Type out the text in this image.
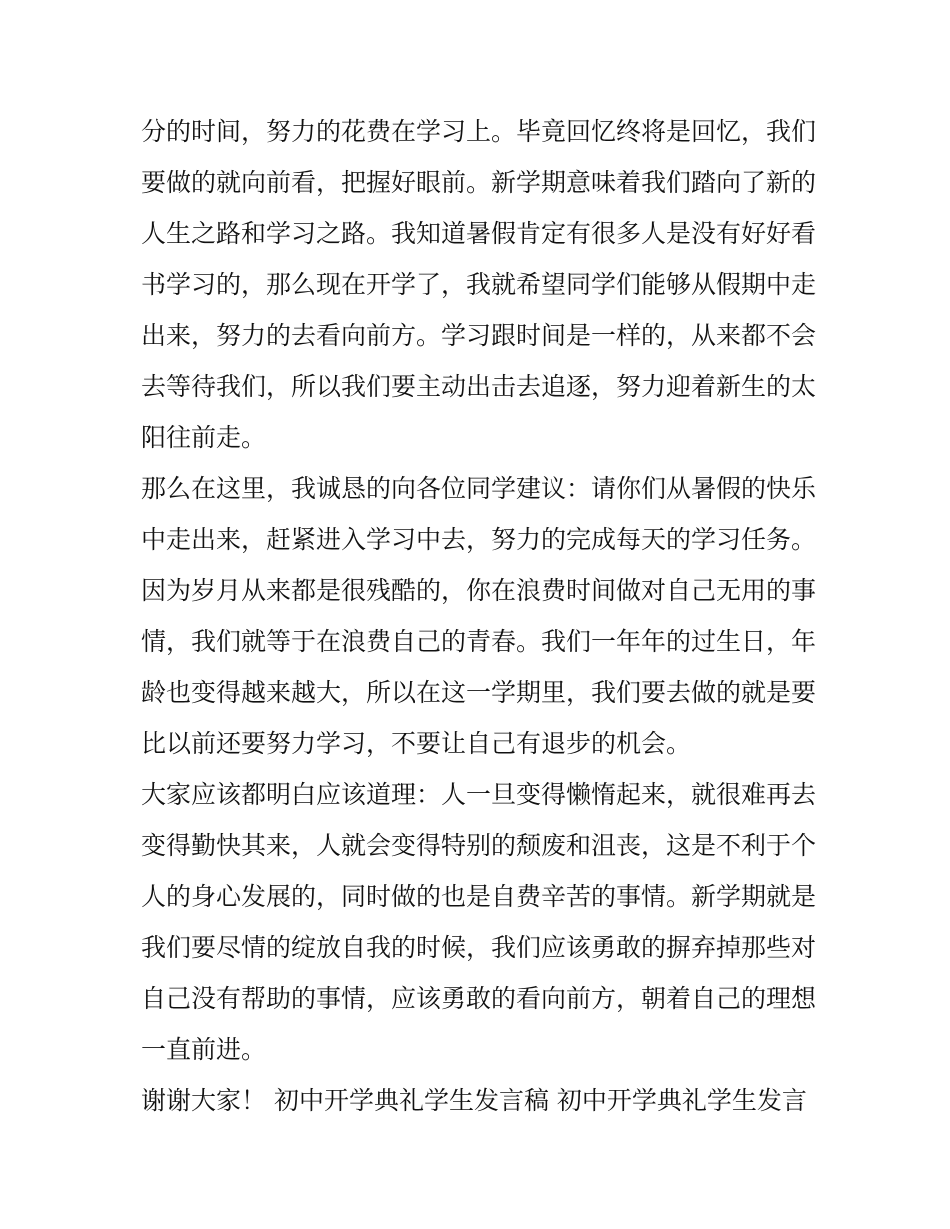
分的时间，努力的花费在学习上。毕竟回忆终将是回忆，我们
要做的就向前看，把握好眼前。新学期意味着我们踏向了新的
人生之路和学习之路。我知道暑假肯定有很多人是没有好好看
书学习的，那么现在开学了，我就希望同学们能够从假期中走
出来，努力的去看向前方。学习跟时间是一样的，从来都不会
去等待我们，所以我们要主动出击去追逐，努力迎着新生的太
阳往前走。
那么在这里，我诚恳的向各位同学建议：请你们从暑假的快乐
中走出来，赶紧进入学习中去，努力的完成每天的学习任务。
因为岁月从来都是很残酷的，你在浪费时间做对自己无用的事
情，我们就等于在浪费自己的青春。我们一年年的过生日，年
龄也变得越来越大，所以在这一学期里，我们要去做的就是要
比以前还要努力学习，不要让自己有退步的机会。
大家应该都明白应该道理：人一旦变得懒惰起来，就很难再去
变得勤快其来，人就会变得特别的颓废和沮丧，这是不利于个
人的身心发展的，同时做的也是自费辛苦的事情。新学期就是
我们要尽情的绽放自我的时候，我们应该勇敢的摒弃掉那些对
自己没有帮助的事情，应该勇敢的看向前方，朝着自己的理想
一直前进。
谢谢大家！ 初中开学典礼学生发言稿 初中开学典礼学生发言
